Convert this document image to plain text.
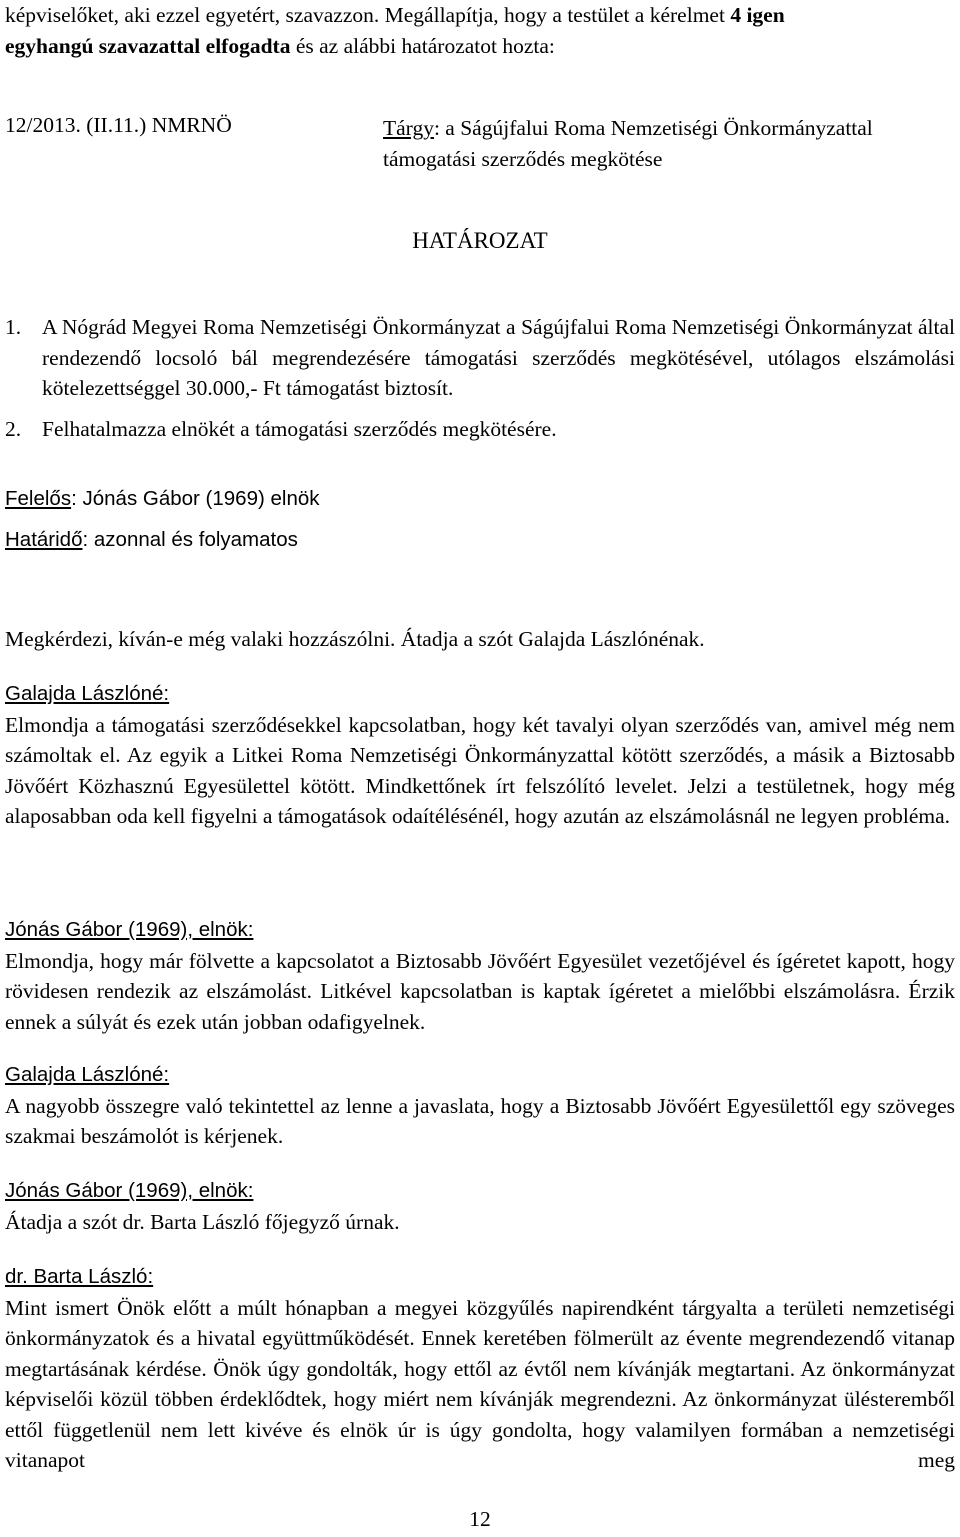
képviselőket, aki ezzel egyetért, szavazzon. Megállapítja, hogy a testület a kérelmet 4 igen
egyhangú szavazattal elfogadta és az alábbi határozatot hozta:
12/2013. (II.11.) NMRNÖ	Tárgy: a Ságújfalui Roma Nemzetiségi Önkormányzattal támogatási szerződés megkötése
HATÁROZAT
1. A Nógrád Megyei Roma Nemzetiségi Önkormányzat a Ságújfalui Roma Nemzetiségi Önkormányzat által rendezendő locsoló bál megrendezésére támogatási szerződés megkötésével, utólagos elszámolási kötelezettséggel 30.000,- Ft támogatást biztosít.
2. Felhatalmazza elnökét a támogatási szerződés megkötésére.
Felelős: Jónás Gábor (1969) elnök
Határidő: azonnal és folyamatos
Megkérdezi, kíván-e még valaki hozzászólni. Átadja a szót Galajda Lászlónénak.
Galajda Lászlóné:
Elmondja a támogatási szerződésekkel kapcsolatban, hogy két tavalyi olyan szerződés van, amivel még nem számoltak el. Az egyik a Litkei Roma Nemzetiségi Önkormányzattal kötött szerződés, a másik a Biztosabb Jövőért Közhasznú Egyesülettel kötött. Mindkettőnek írt felszólító levelet. Jelzi a testületnek, hogy még alaposabban oda kell figyelni a támogatások odaítélésénél, hogy azután az elszámolásnál ne legyen probléma.
Jónás Gábor (1969), elnök:
Elmondja, hogy már fölvette a kapcsolatot a Biztosabb Jövőért Egyesület vezetőjével és ígéretet kapott, hogy rövidesen rendezik az elszámolást. Litkével kapcsolatban is kaptak ígéretet a mielőbbi elszámolásra. Érzik ennek a súlyát és ezek után jobban odafigyelnek.
Galajda Lászlóné:
A nagyobb összegre való tekintettel az lenne a javaslata, hogy a Biztosabb Jövőért Egyesülettől egy szöveges szakmai beszámolót is kérjenek.
Jónás Gábor (1969), elnök:
Átadja a szót dr. Barta László főjegyző úrnak.
dr. Barta László:
Mint ismert Önök előtt a múlt hónapban a megyei közgyűlés napirendként tárgyalta a területi nemzetiségi önkormányzatok és a hivatal együttműködését. Ennek keretében fölmerült az évente megrendezendő vitanap megtartásának kérdése. Önök úgy gondolták, hogy ettől az évtől nem kívánják megtartani. Az önkormányzat képviselői közül többen érdeklődtek, hogy miért nem kívánják megrendezni. Az önkormányzat ülésteremből ettől függetlenül nem lett kivéve és elnök úr is úgy gondolta, hogy valamilyen formában a nemzetiségi vitanapot meg
12
